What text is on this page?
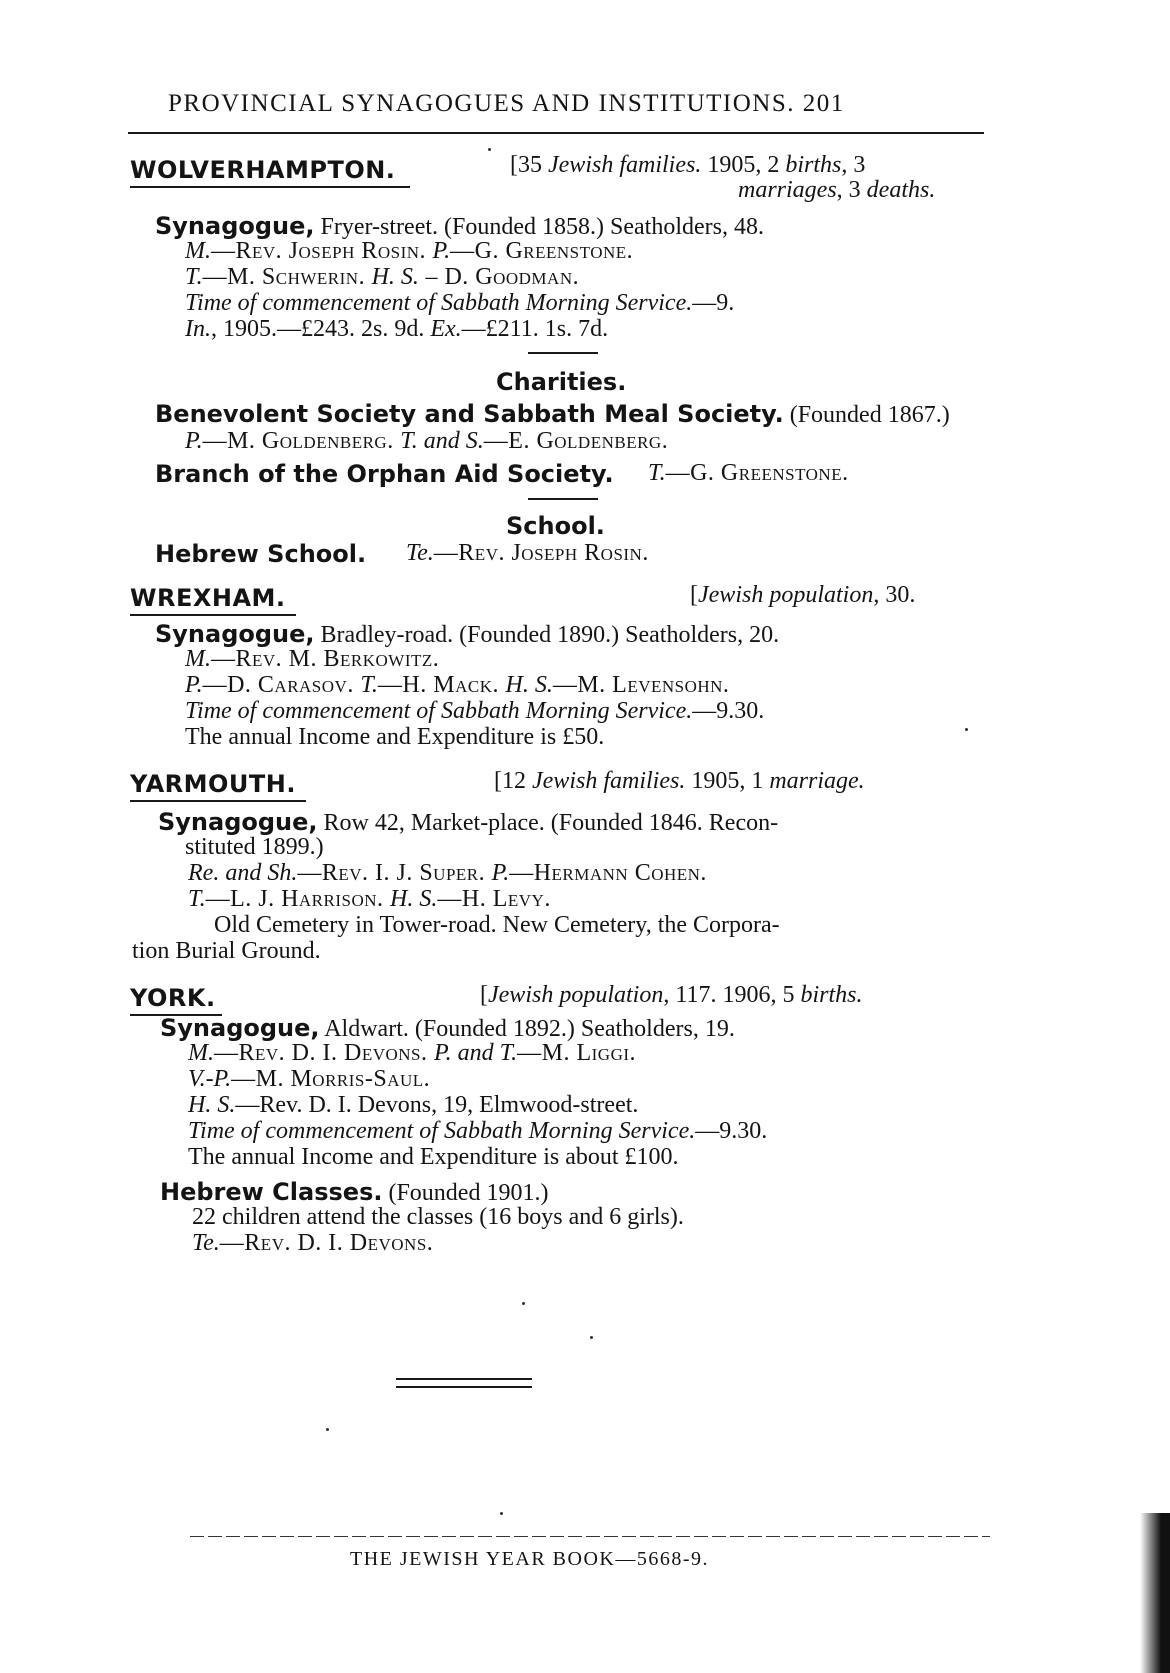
PROVINCIAL SYNAGOGUES AND INSTITUTIONS. 201
WOLVERHAMPTON.	[35 Jewish families. 1905, 2 births, 3
marriages, 3 deaths.
Synagogue, Fryer-street. (Founded 1858.) Seatholders, 48.
M.—Rev. Joseph Rosin. P.—G. Greenstone.
T.—M. Schwerin. H. S. – D. Goodman.
Time of commencement of Sabbath Morning Service.—9.
In., 1905.—£243. 2s. 9d. Ex.—£211. 1s. 7d.
Charities.
Benevolent Society and Sabbath Meal Society. (Founded 1867.)
P.—M. Goldenberg. T. and S.—E. Goldenberg.
Branch of the Orphan Aid Society. T.—G. Greenstone.
School.
Hebrew School. Te.—Rev. Joseph Rosin.
WREXHAM.	[Jewish population, 30.
Synagogue, Bradley-road. (Founded 1890.) Seatholders, 20.
M.—Rev. M. Berkowitz.
P.—D. Carasov. T.—H. Mack. H. S.—M. Levensohn.
Time of commencement of Sabbath Morning Service.—9.30.
The annual Income and Expenditure is £50.
YARMOUTH.	[12 Jewish families. 1905, 1 marriage.
Synagogue, Row 42, Market-place. (Founded 1846. Recon-
stituted 1899.)
Re. and Sh.—Rev. I. J. Super. P.—Hermann Cohen.
T.—L. J. Harrison. H. S.—H. Levy.
Old Cemetery in Tower-road. New Cemetery, the Corpora-
tion Burial Ground.
YORK.	[Jewish population, 117. 1906, 5 births.
Synagogue, Aldwart. (Founded 1892.) Seatholders, 19.
M.—Rev. D. I. Devons. P. and T.—M. Liggi.
V.-P.—M. Morris-Saul.
H. S.—Rev. D. I. Devons, 19, Elmwood-street.
Time of commencement of Sabbath Morning Service.—9.30.
The annual Income and Expenditure is about £100.
Hebrew Classes. (Founded 1901.)
22 children attend the classes (16 boys and 6 girls).
Te.—Rev. D. I. Devons.
THE JEWISH YEAR BOOK—5668-9.
